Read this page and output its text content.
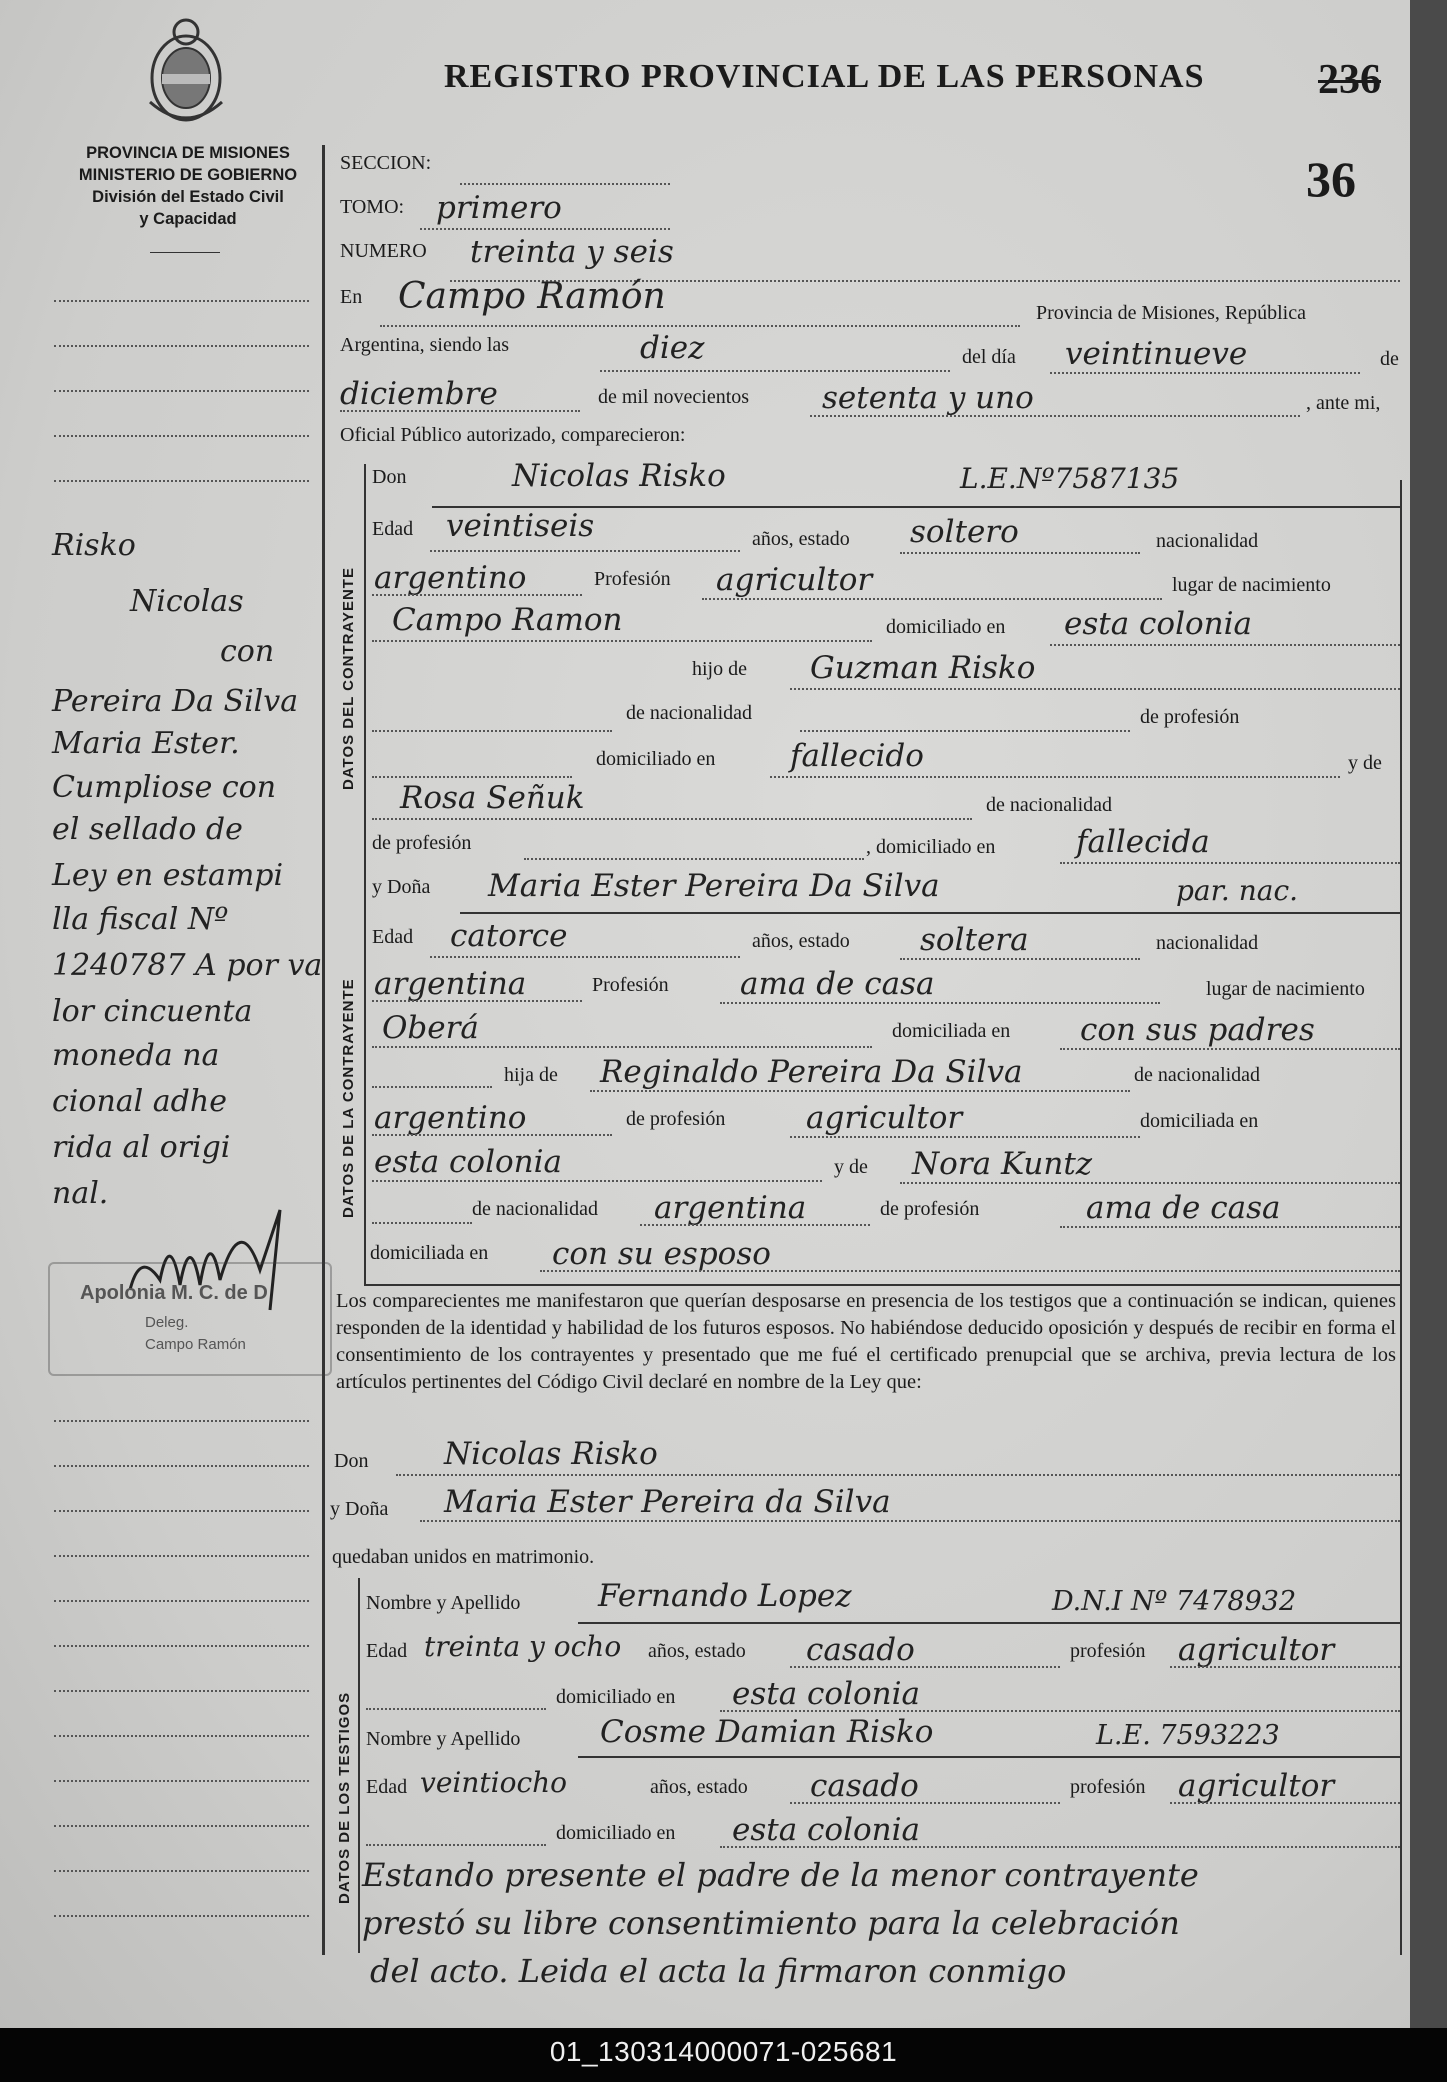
REGISTRO PROVINCIAL DE LAS PERSONAS	236
36
PROVINCIA DE MISIONES
MINISTERIO DE GOBIERNO
División del Estado Civil
y Capacidad
Risko
Nicolas
con
Pereira Da Silva
Maria Ester.
Cumpliose con
el sellado de
Ley en estampi
lla fiscal Nº
1240787 A por va
lor cincuenta
moneda na
cional adhe
rida al origi
nal.
Apolonia M. C. de D
Deleg.
Campo Ramón
SECCION:
TOMO: primero
NUMERO treinta y seis
En Campo Ramón	Provincia de Misiones, República
Argentina, siendo las	diez	del día veintinueve	de
diciembre	de mil novecientos setenta y uno	, ante mi,
Oficial Público autorizado, comparecieron:
DATOS DEL CONTRAYENTE
Don	Nicolas Risko	L.E.Nº7587135
Edad veintiseis	años, estado soltero	nacionalidad
argentino	Profesión agricultor	lugar de nacimiento
Campo Ramon	domiciliado en esta colonia
hijo de Guzman Risko
de nacionalidad	de profesión
domiciliado en fallecido	y de
Rosa Señuk	de nacionalidad
de profesión	, domiciliado en	fallecida
DATOS DE LA CONTRAYENTE
y Doña Maria Ester Pereira Da Silva	par. nac.
Edad catorce	años, estado soltera	nacionalidad
argentina	Profesión ama de casa	lugar de nacimiento
Oberá	domiciliada en con sus padres
hija de Reginaldo Pereira Da Silva	de nacionalidad
argentino	de profesión	agricultor	domiciliada en
esta colonia	y de Nora Kuntz
de nacionalidad argentina	de profesión	ama de casa
domiciliada en con su esposo
Los comparecientes me manifestaron que querían desposarse en presencia de los testigos que a continuación se indican, quienes responden de la identidad y habilidad de los futuros esposos. No habiéndose deducido oposición y después de recibir en forma el consentimiento de los contrayentes y presentado que me fué el certificado prenupcial que se archiva, previa lectura de los artículos pertinentes del Código Civil declaré en nombre de la Ley que:
Don Nicolas Risko
y Doña Maria Ester Pereira da Silva
quedaban unidos en matrimonio.
DATOS DE LOS TESTIGOS
Nombre y Apellido	Fernando Lopez	D.N.I Nº 7478932
Edad treinta y ocho años, estado casado	profesión agricultor
domiciliado en esta colonia
Nombre y Apellido	Cosme Damian Risko	L.E. 7593223
Edad veintiocho	años, estado casado	profesión agricultor
domiciliado en esta colonia
Estando presente el padre de la menor contrayente
prestó su libre consentimiento para la celebración
del acto. Leida el acta la firmaron conmigo
01_130314000071-025681
